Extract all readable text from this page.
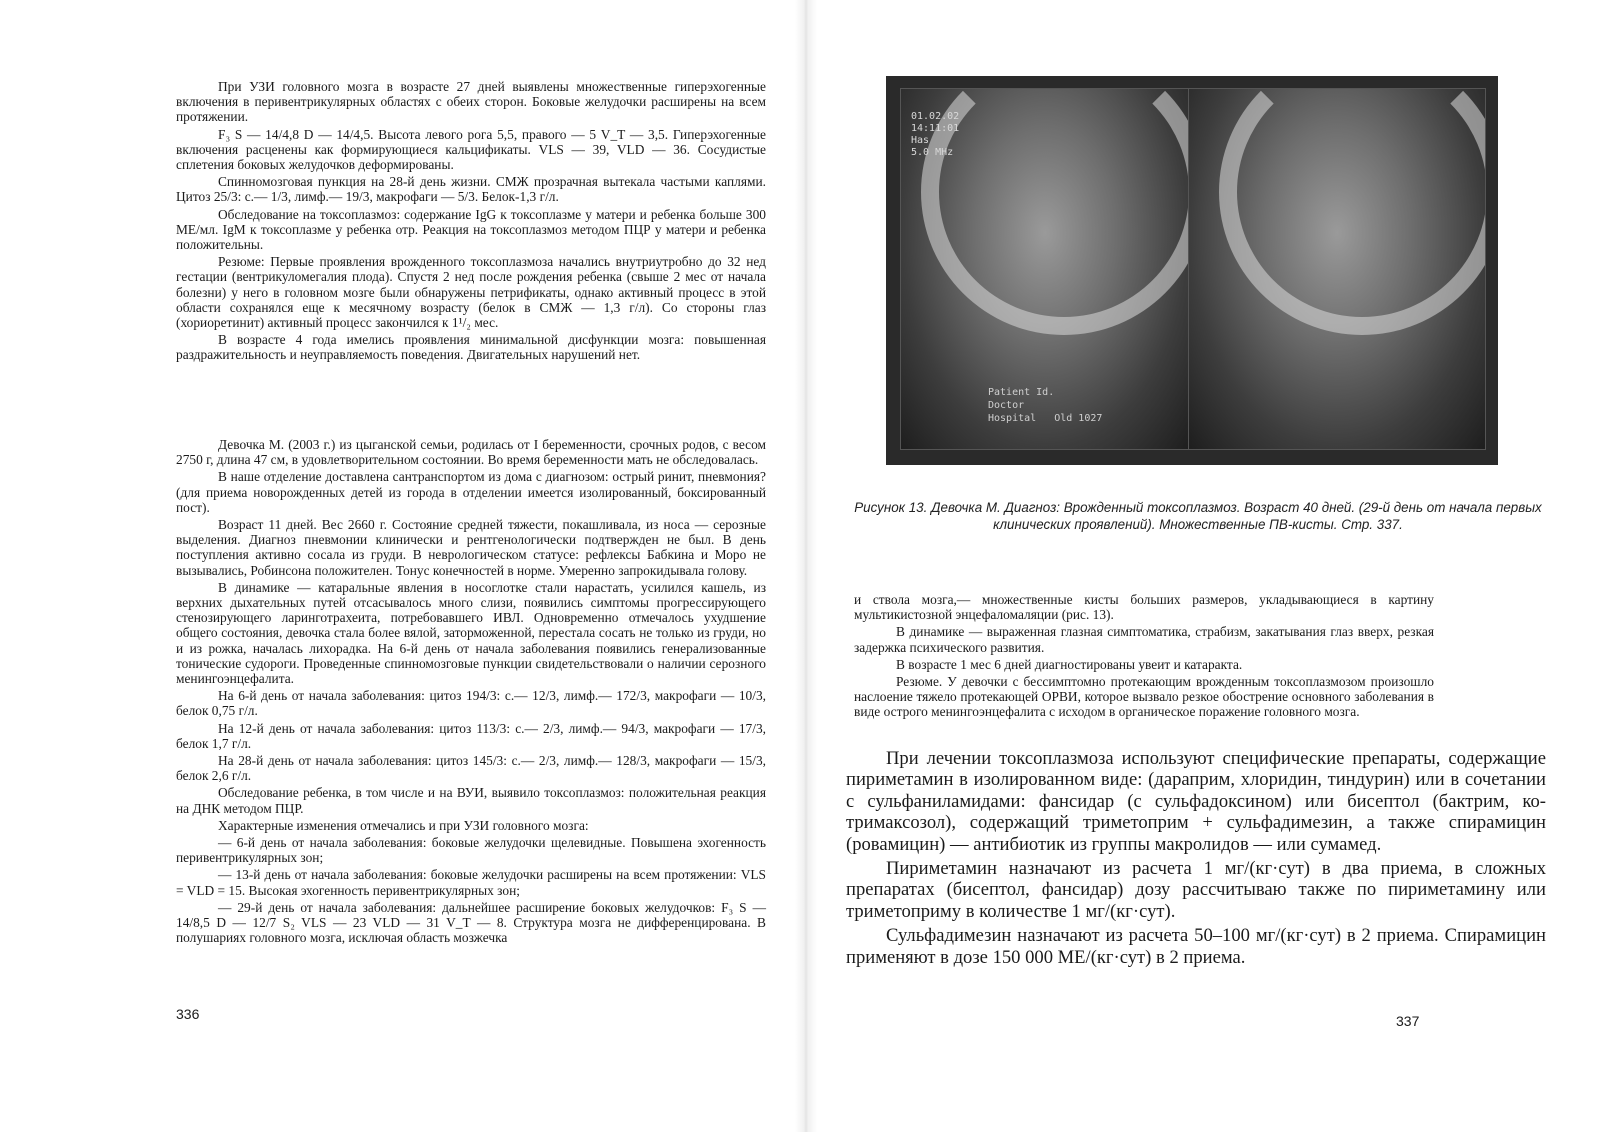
При УЗИ головного мозга в возрасте 27 дней выявлены множественные гиперэхогенные включения в перивентрикулярных областях с обеих сторон. Боковые желудочки расширены на всем протяжении.

F₃ S — 14/4,8 D — 14/4,5. Высота левого рога 5,5, правого — 5 V_T — 3,5. Гиперэхогенные включения расценены как формирующиеся кальцификаты. VLS — 39, VLD — 36. Сосудистые сплетения боковых желудочков деформированы.

Спинномозговая пункция на 28-й день жизни. СМЖ прозрачная вытекала частыми каплями. Цитоз 25/3: с.— 1/3, лимф.— 19/3, макрофаги — 5/3. Белок-1,3 г/л.

Обследование на токсоплазмоз: содержание IgG к токсоплазме у матери и ребенка больше 300 МЕ/мл. IgM к токсоплазме у ребенка отр. Реакция на токсоплазмоз методом ПЦР у матери и ребенка положительны.

Резюме: Первые проявления врожденного токсоплазмоза начались внутриутробно до 32 нед гестации (вентрикуломегалия плода). Спустя 2 нед после рождения ребенка (свыше 2 мес от начала болезни) у него в головном мозге были обнаружены петрификаты, однако активный процесс в этой области сохранялся еще к месячному возрасту (белок в СМЖ — 1,3 г/л). Со стороны глаз (хориоретинит) активный процесс закончился к 1¹/₂ мес.

В возрасте 4 года имелись проявления минимальной дисфункции мозга: повышенная раздражительность и неуправляемость поведения. Двигательных нарушений нет.

Девочка М. (2003 г.) из цыганской семьи, родилась от I беременности, срочных родов, с весом 2750 г, длина 47 см, в удовлетворительном состоянии. Во время беременности мать не обследовалась.

В наше отделение доставлена сантранспортом из дома с диагнозом: острый ринит, пневмония? (для приема новорожденных детей из города в отделении имеется изолированный, боксированный пост).

Возраст 11 дней. Вес 2660 г. Состояние средней тяжести, покашливала, из носа — серозные выделения. Диагноз пневмонии клинически и рентгенологически подтвержден не был. В день поступления активно сосала из груди. В неврологическом статусе: рефлексы Бабкина и Моро не вызывались, Робинсона положителен. Тонус конечностей в норме. Умеренно запрокидывала голову.

В динамике — катаральные явления в носоглотке стали нарастать, усилился кашель, из верхних дыхательных путей отсасывалось много слизи, появились симптомы прогрессирующего стенозирующего ларинготрахеита, потребовавшего ИВЛ. Одновременно отмечалось ухудшение общего состояния, девочка стала более вялой, заторможенной, перестала сосать не только из груди, но и из рожка, началась лихорадка. На 6-й день от начала заболевания появились генерализованные тонические судороги. Проведенные спинномозговые пункции свидетельствовали о наличии серозного менингоэнцефалита.

На 6-й день от начала заболевания: цитоз 194/3: с.— 12/3, лимф.— 172/3, макрофаги — 10/3, белок 0,75 г/л.

На 12-й день от начала заболевания: цитоз 113/3: с.— 2/3, лимф.— 94/3, макрофаги — 17/3, белок 1,7 г/л.

На 28-й день от начала заболевания: цитоз 145/3: с.— 2/3, лимф.— 128/3, макрофаги — 15/3, белок 2,6 г/л.

Обследование ребенка, в том числе и на ВУИ, выявило токсоплазмоз: положительная реакция на ДНК методом ПЦР.

Характерные изменения отмечались и при УЗИ головного мозга:

— 6-й день от начала заболевания: боковые желудочки щелевидные. Повышена эхогенность перивентрикулярных зон;

— 13-й день от начала заболевания: боковые желудочки расширены на всем протяжении: VLS = VLD = 15. Высокая эхогенность перивентрикулярных зон;

— 29-й день от начала заболевания: дальнейшее расширение боковых желудочков: F₃ S — 14/8,5 D — 12/7 S₂ VLS — 23 VLD — 31 V_T — 8. Структура мозга не дифференцирована. В полушариях головного мозга, исключая область мозжечка

336
01.02.02
14:11:01
Has
5.0 MHz
Patient Id.
Doctor
Hospital   Old 1027
Рисунок 13. Девочка М. Диагноз: Врожденный токсоплазмоз. Возраст 40 дней. (29-й день от начала первых клинических проявлений). Множественные ПВ-кисты. Стр. 337.

и ствола мозга,— множественные кисты больших размеров, укладывающиеся в картину мультикистозной энцефаломаляции (рис. 13).

В динамике — выраженная глазная симптоматика, страбизм, закатывания глаз вверх, резкая задержка психического развития.

В возрасте 1 мес 6 дней диагностированы увеит и катаракта.

Резюме. У девочки с бессимптомно протекающим врожденным токсоплазмозом произошло наслоение тяжело протекающей ОРВИ, которое вызвало резкое обострение основного заболевания в виде острого менингоэнцефалита с исходом в органическое поражение головного мозга.

При лечении токсоплазмоза используют специфические препараты, содержащие пириметамин в изолированном виде: (дараприм, хлоридин, тиндурин) или в сочетании с сульфаниламидами: фансидар (с сульфадоксином) или бисептол (бактрим, ко-тримаксозол), содержащий триметоприм + сульфадимезин, а также спирамицин (ровамицин) — антибиотик из группы макролидов — или сумамед.

Пириметамин назначают из расчета 1 мг/(кг·сут) в два приема, в сложных препаратах (бисептол, фансидар) дозу рассчитываю также по пириметамину или триметоприму в количестве 1 мг/(кг·сут).

Сульфадимезин назначают из расчета 50–100 мг/(кг·сут) в 2 приема. Спирамицин применяют в дозе 150 000 МЕ/(кг·сут) в 2 приема.

337
